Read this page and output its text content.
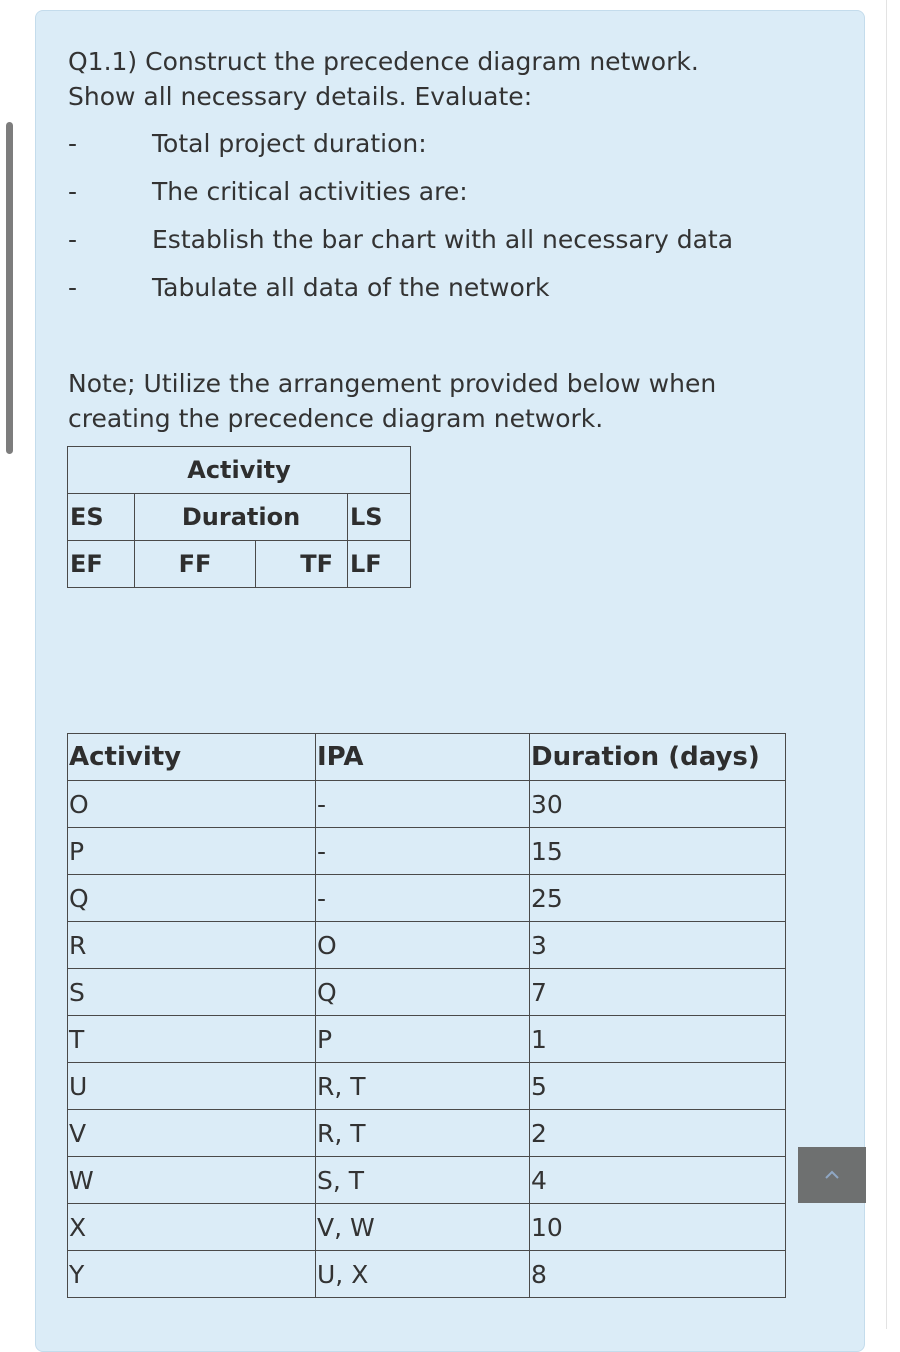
Q1.1) Construct the precedence diagram network.
Show all necessary details. Evaluate:
-	Total project duration:
-	The critical activities are:
-	Establish the bar chart with all necessary data
-	Tabulate all data of the network
Note; Utilize the arrangement provided below when
creating the precedence diagram network.
Activity			
ES	Duration		LS
EF	FF	TF	LF
Activity	IPA	Duration (days)
O	-	30
P	-	15
Q	-	25
R	O	3
S	Q	7
T	P	1
U	R, T	5
V	R, T	2
W	S, T	4
X	V, W	10
Y	U, X	8
